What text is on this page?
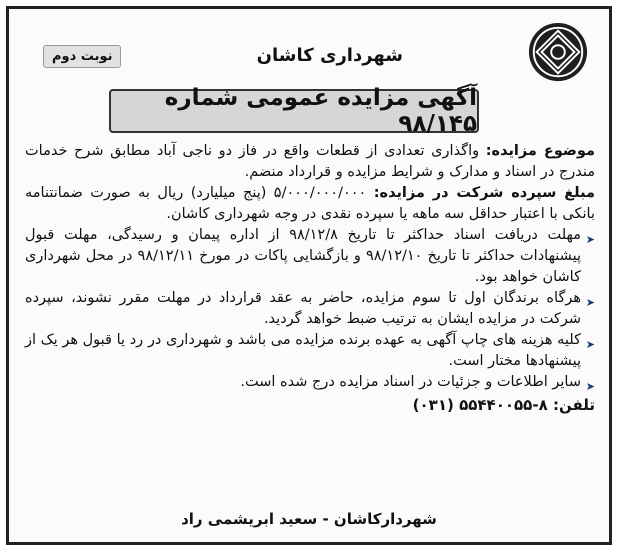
شهرداری کاشان
نوبت دوم
آگهی مزایده عمومی شماره ۹۸/۱۴۵

موضوع مزایده: واگذاری تعدادی از قطعات واقع در فاز دو ناجی آباد مطابق شرح خدمات مندرج در اسناد و مدارک و شرایط مزایده و قرارداد منضم.

مبلغ سپرده شرکت در مزایده: ۵/۰۰۰/۰۰۰/۰۰۰ (پنج میلیارد) ریال به صورت ضمانتنامه بانکی با اعتبار حداقل سه ماهه یا سپرده نقدی در وجه شهرداری کاشان.

➤
مهلت دریافت اسناد حداکثر تا تاریخ ۹۸/۱۲/۸ از اداره پیمان و رسیدگی، مهلت قبول پیشنهادات حداکثر تا تاریخ ۹۸/۱۲/۱۰ و بازگشایی پاکات در مورخ ۹۸/۱۲/۱۱ در محل شهرداری کاشان خواهد بود.
➤
هرگاه برندگان اول تا سوم مزایده، حاضر به عقد قرارداد در مهلت مقرر نشوند، سپرده شرکت در مزایده ایشان به ترتیب ضبط خواهد گردید.
➤
کلیه هزینه های چاپ آگهی به عهده برنده مزایده می باشد و شهرداری در رد یا قبول هر یک از پیشنهادها مختار است.
➤
سایر اطلاعات و جزئیات در اسناد مزایده درج شده است.
تلفن: ۸-۵۵۴۴۰۰۵۵ (۰۳۱)
شهردارکاشان - سعید ابریشمی راد
